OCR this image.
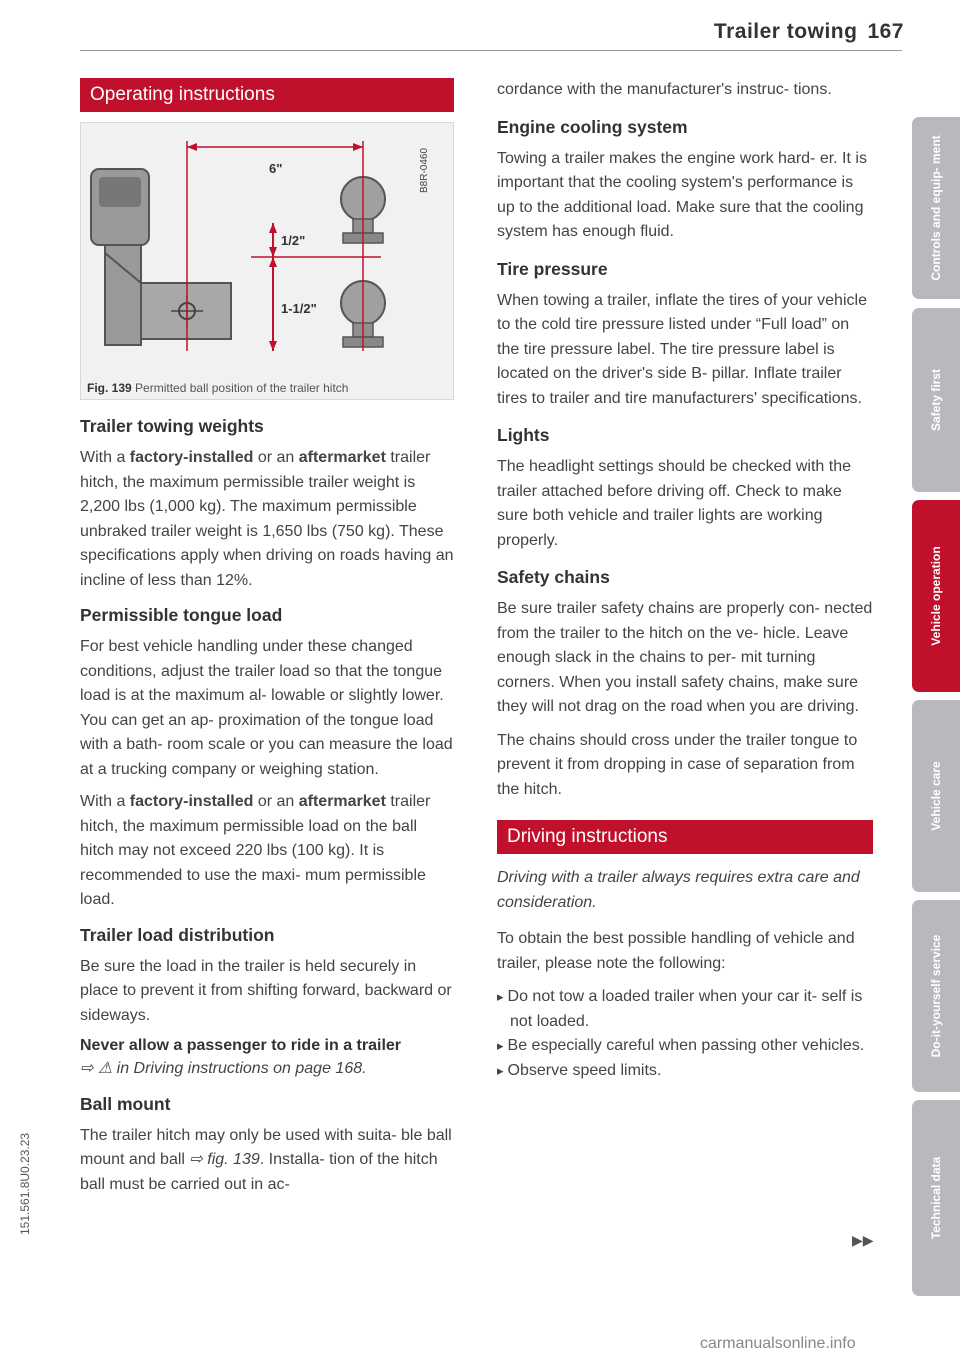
Trailer towing 167
Operating instructions
6"
1/2"
1-1/2"
B8R-0460
Fig. 139 Permitted ball position of the trailer hitch
Trailer towing weights

With a factory-installed or an aftermarket trailer hitch, the maximum permissible trailer weight is 2,200 lbs (1,000 kg). The maximum permissible unbraked trailer weight is 1,650 lbs (750 kg). These specifications apply when driving on roads having an incline of less than 12%.

Permissible tongue load

For best vehicle handling under these changed conditions, adjust the trailer load so that the tongue load is at the maximum al- lowable or slightly lower. You can get an ap- proximation of the tongue load with a bath- room scale or you can measure the load at a trucking company or weighing station.

With a factory-installed or an aftermarket trailer hitch, the maximum permissible load on the ball hitch may not exceed 220 lbs (100 kg). It is recommended to use the maxi- mum permissible load.

Trailer load distribution

Be sure the load in the trailer is held securely in place to prevent it from shifting forward, backward or sideways.

Never allow a passenger to ride in a trailer

⇨ ⚠ in Driving instructions on page 168.

Ball mount

The trailer hitch may only be used with suita- ble ball mount and ball ⇨ fig. 139. Installa- tion of the hitch ball must be carried out in ac-

cordance with the manufacturer's instruc- tions.

Engine cooling system

Towing a trailer makes the engine work hard- er. It is important that the cooling system's performance is up to the additional load. Make sure that the cooling system has enough fluid.

Tire pressure

When towing a trailer, inflate the tires of your vehicle to the cold tire pressure listed under “Full load” on the tire pressure label. The tire pressure label is located on the driver's side B- pillar. Inflate trailer tires to trailer and tire manufacturers' specifications.

Lights

The headlight settings should be checked with the trailer attached before driving off. Check to make sure both vehicle and trailer lights are working properly.

Safety chains

Be sure trailer safety chains are properly con- nected from the trailer to the hitch on the ve- hicle. Leave enough slack in the chains to per- mit turning corners. When you install safety chains, make sure they will not drag on the road when you are driving.

The chains should cross under the trailer tongue to prevent it from dropping in case of separation from the hitch.

Driving instructions

Driving with a trailer always requires extra care and consideration.

To obtain the best possible handling of vehicle and trailer, please note the following:

▸ Do not tow a loaded trailer when your car it- self is not loaded.
▸ Be especially careful when passing other vehicles.
▸ Observe speed limits.
▶▶
Controls and equip- ment
Safety first
Vehicle operation
Vehicle care
Do-it-yourself service
Technical data
151.561.8U0.23.23
carmanualsonline.info
